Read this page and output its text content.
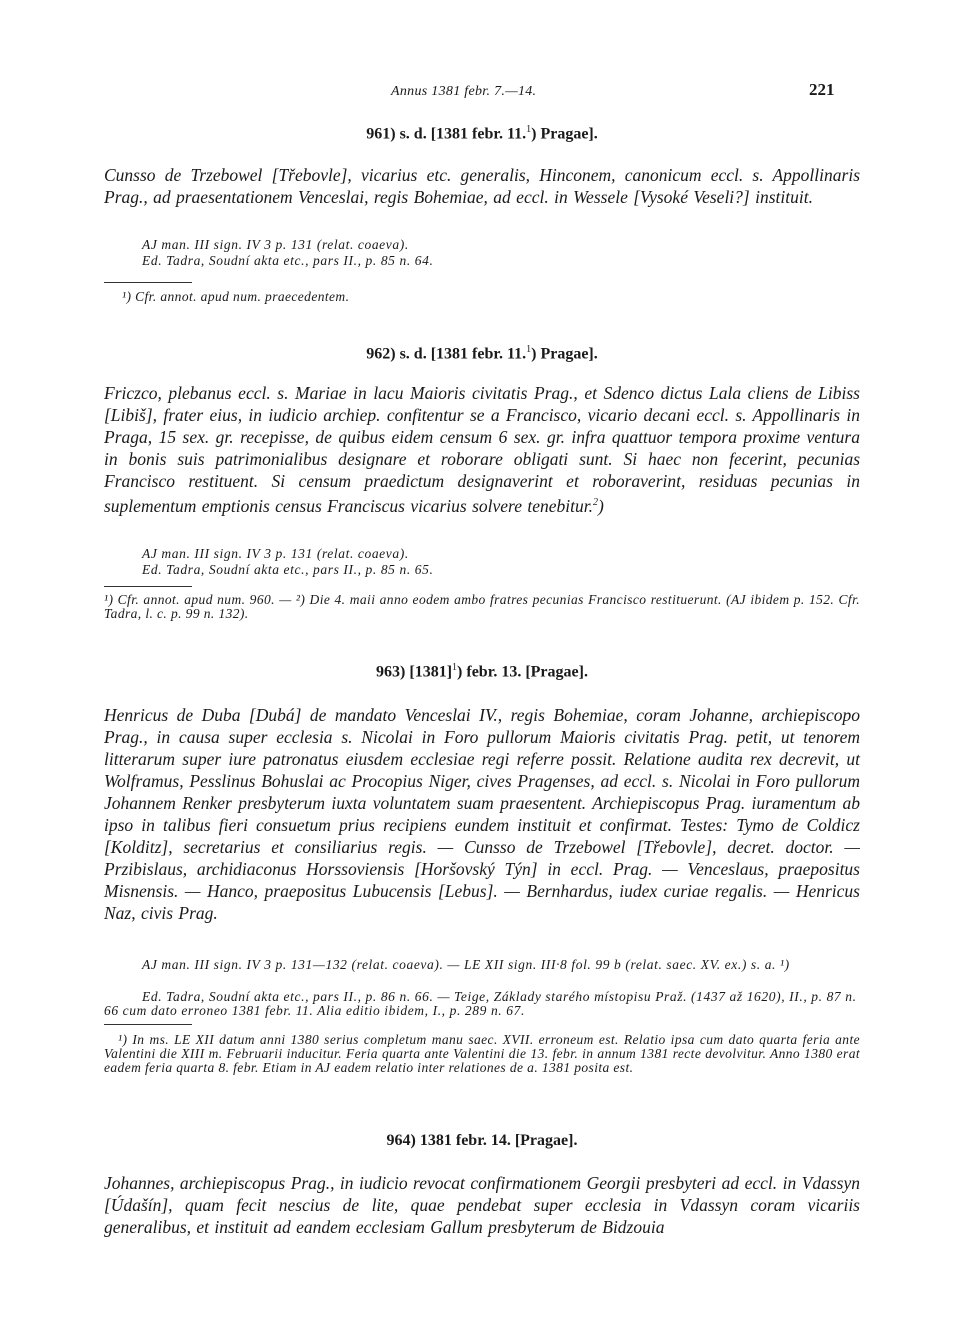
Annus 1381 febr. 7.—14.	221
961) s. d. [1381 febr. 11.$^1$) Pragae].
Cunsso de Trzebowel [Třebovle], vicarius etc. generalis, Hinconem, canonicum eccl. s. Appollinaris Prag., ad praesentationem Venceslai, regis Bohemiae, ad eccl. in Wessele [Vysoké Veseli?] instituit.
AJ man. III sign. IV 3 p. 131 (relat. coaeva).
Ed. Tadra, Soudní akta etc., pars II., p. 85 n. 64.
¹) Cfr. annot. apud num. praecedentem.
962) s. d. [1381 febr. 11.$^1$) Pragae].
Friczco, plebanus eccl. s. Mariae in lacu Maioris civitatis Prag., et Sdenco dictus Lala cliens de Libiss [Libiš], frater eius, in iudicio archiep. confitentur se a Francisco, vicario decani eccl. s. Appollinaris in Praga, 15 sex. gr. recepisse, de quibus eidem censum 6 sex. gr. infra quattuor tempora proxime ventura in bonis suis patrimonialibus designare et roborare obligati sunt. Si haec non fecerint, pecunias Francisco restituent. Si censum praedictum designaverint et roboraverint, residuas pecunias in suplementum emptionis census Franciscus vicarius solvere tenebitur.$^2$)
AJ man. III sign. IV 3 p. 131 (relat. coaeva).
Ed. Tadra, Soudní akta etc., pars II., p. 85 n. 65.
¹) Cfr. annot. apud num. 960. — ²) Die 4. maii anno eodem ambo fratres pecunias Francisco restituerunt. (AJ ibidem p. 152. Cfr. Tadra, l. c. p. 99 n. 132).
963) $[1381]^1$) febr. 13. [Pragae].
Henricus de Duba [Dubá] de mandato Venceslai IV., regis Bohemiae, coram Johanne, archiepiscopo Prag., in causa super ecclesia s. Nicolai in Foro pullorum Maioris civitatis Prag. petit, ut tenorem litterarum super iure patronatus eiusdem ecclesiae regi referre possit. Relatione audita rex decrevit, ut Wolframus, Pesslinus Bohuslai ac Procopius Niger, cives Pragenses, ad eccl. s. Nicolai in Foro pullorum Johannem Renker presbyterum iuxta voluntatem suam praesentent. Archiepiscopus Prag. iuramentum ab ipso in talibus fieri consuetum prius recipiens eundem instituit et confirmat. Testes: Tymo de Coldicz [Kolditz], secretarius et consiliarius regis. — Cunsso de Trzebowel [Třebovle], decret. doctor. — Przibislaus, archidiaconus Horssoviensis [Horšovský Týn] in eccl. Prag. — Venceslaus, praepositus Misnensis. — Hanco, praepositus Lubucensis [Lebus]. — Bernhardus, iudex curiae regalis. — Henricus Naz, civis Prag.
AJ man. III sign. IV 3 p. 131—132 (relat. coaeva). — LE XII sign. III·8 fol. 99 b (relat. saec. XV. ex.) s. a. ¹)
Ed. Tadra, Soudní akta etc., pars II., p. 86 n. 66. — Teige, Základy starého místopisu Praž. (1437 až 1620), II., p. 87 n. 66 cum dato erroneo 1381 febr. 11. Alia editio ibidem, I., p. 289 n. 67.
¹) In ms. LE XII datum anni 1380 serius completum manu saec. XVII. erroneum est. Relatio ipsa cum dato quarta feria ante Valentini die XIII m. Februarii inducitur. Feria quarta ante Valentini die 13. febr. in annum 1381 recte devolvitur. Anno 1380 erat eadem feria quarta 8. febr. Etiam in AJ eadem relatio inter relationes de a. 1381 posita est.
964) 1381 febr. 14. [Pragae].
Johannes, archiepiscopus Prag., in iudicio revocat confirmationem Georgii presbyteri ad eccl. in Vdassyn [Údašín], quam fecit nescius de lite, quae pendebat super ecclesia in Vdassyn coram vicariis generalibus, et instituit ad eandem ecclesiam Gallum presbyterum de Bidzouia
